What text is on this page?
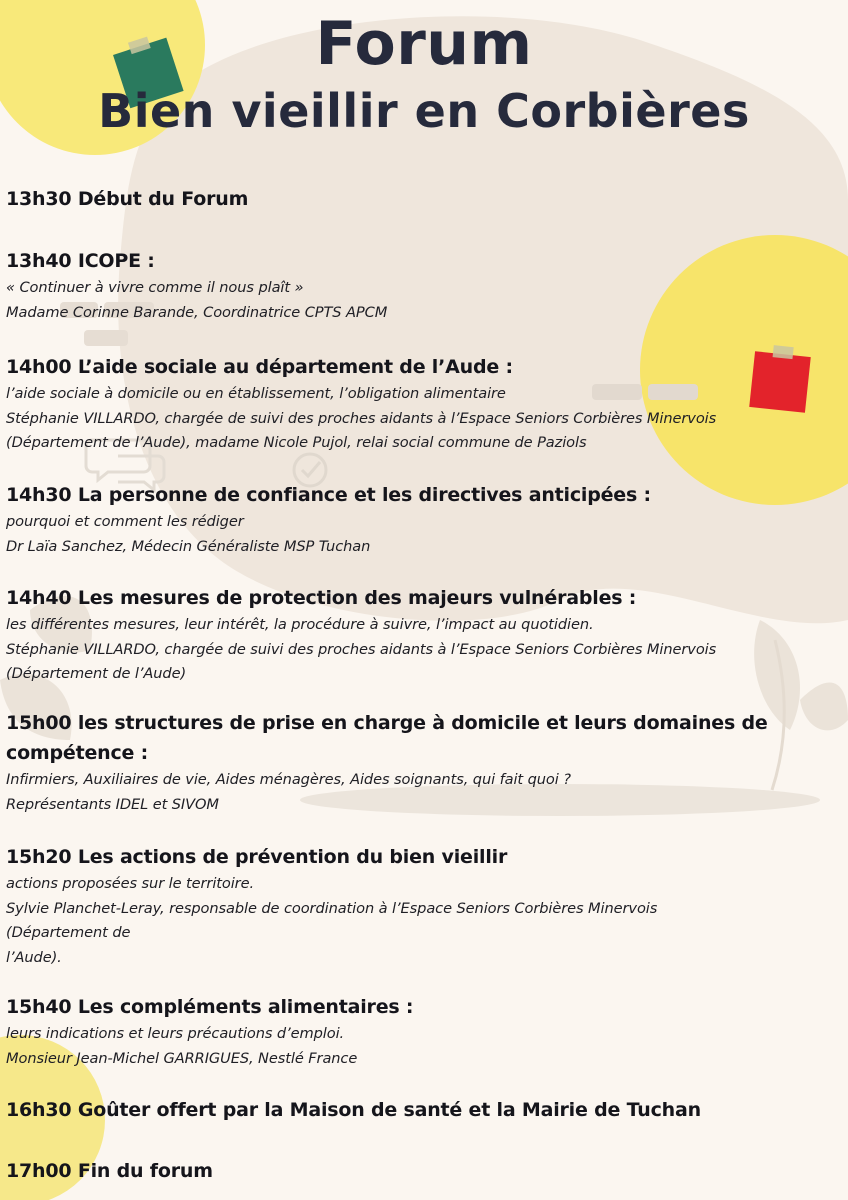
Forum
Bien vieillir en Corbières

13h30 Début du Forum

13h40 ICOPE :

« Continuer à vivre comme il nous plaît »

Madame Corinne Barande, Coordinatrice CPTS APCM

14h00 L’aide sociale au département de l’Aude :

l’aide sociale à domicile ou en établissement, l’obligation alimentaire

Stéphanie VILLARDO, chargée de suivi des proches aidants à l’Espace Seniors Corbières Minervois

(Département de l’Aude), madame Nicole Pujol, relai social commune de Paziols

14h30 La personne de confiance et les directives anticipées :

pourquoi et comment les rédiger

Dr Laïa Sanchez, Médecin Généraliste MSP Tuchan

14h40 Les mesures de protection des majeurs vulnérables :

les différentes mesures, leur intérêt, la procédure à suivre, l’impact au quotidien.

Stéphanie VILLARDO, chargée de suivi des proches aidants à l’Espace Seniors Corbières Minervois

(Département de l’Aude)

15h00 les structures de prise en charge à domicile et leurs domaines de

compétence :

Infirmiers, Auxiliaires de vie, Aides ménagères, Aides soignants, qui fait quoi ?

Représentants IDEL et SIVOM

15h20 Les actions de prévention du bien vieillir

actions proposées sur le territoire.

Sylvie Planchet-Leray, responsable de coordination à l’Espace Seniors Corbières Minervois

(Département de

l’Aude).

15h40 Les compléments alimentaires :

leurs indications et leurs précautions d’emploi.

Monsieur Jean-Michel GARRIGUES, Nestlé France

16h30 Goûter offert par la Maison de santé et la Mairie de Tuchan

17h00 Fin du forum
